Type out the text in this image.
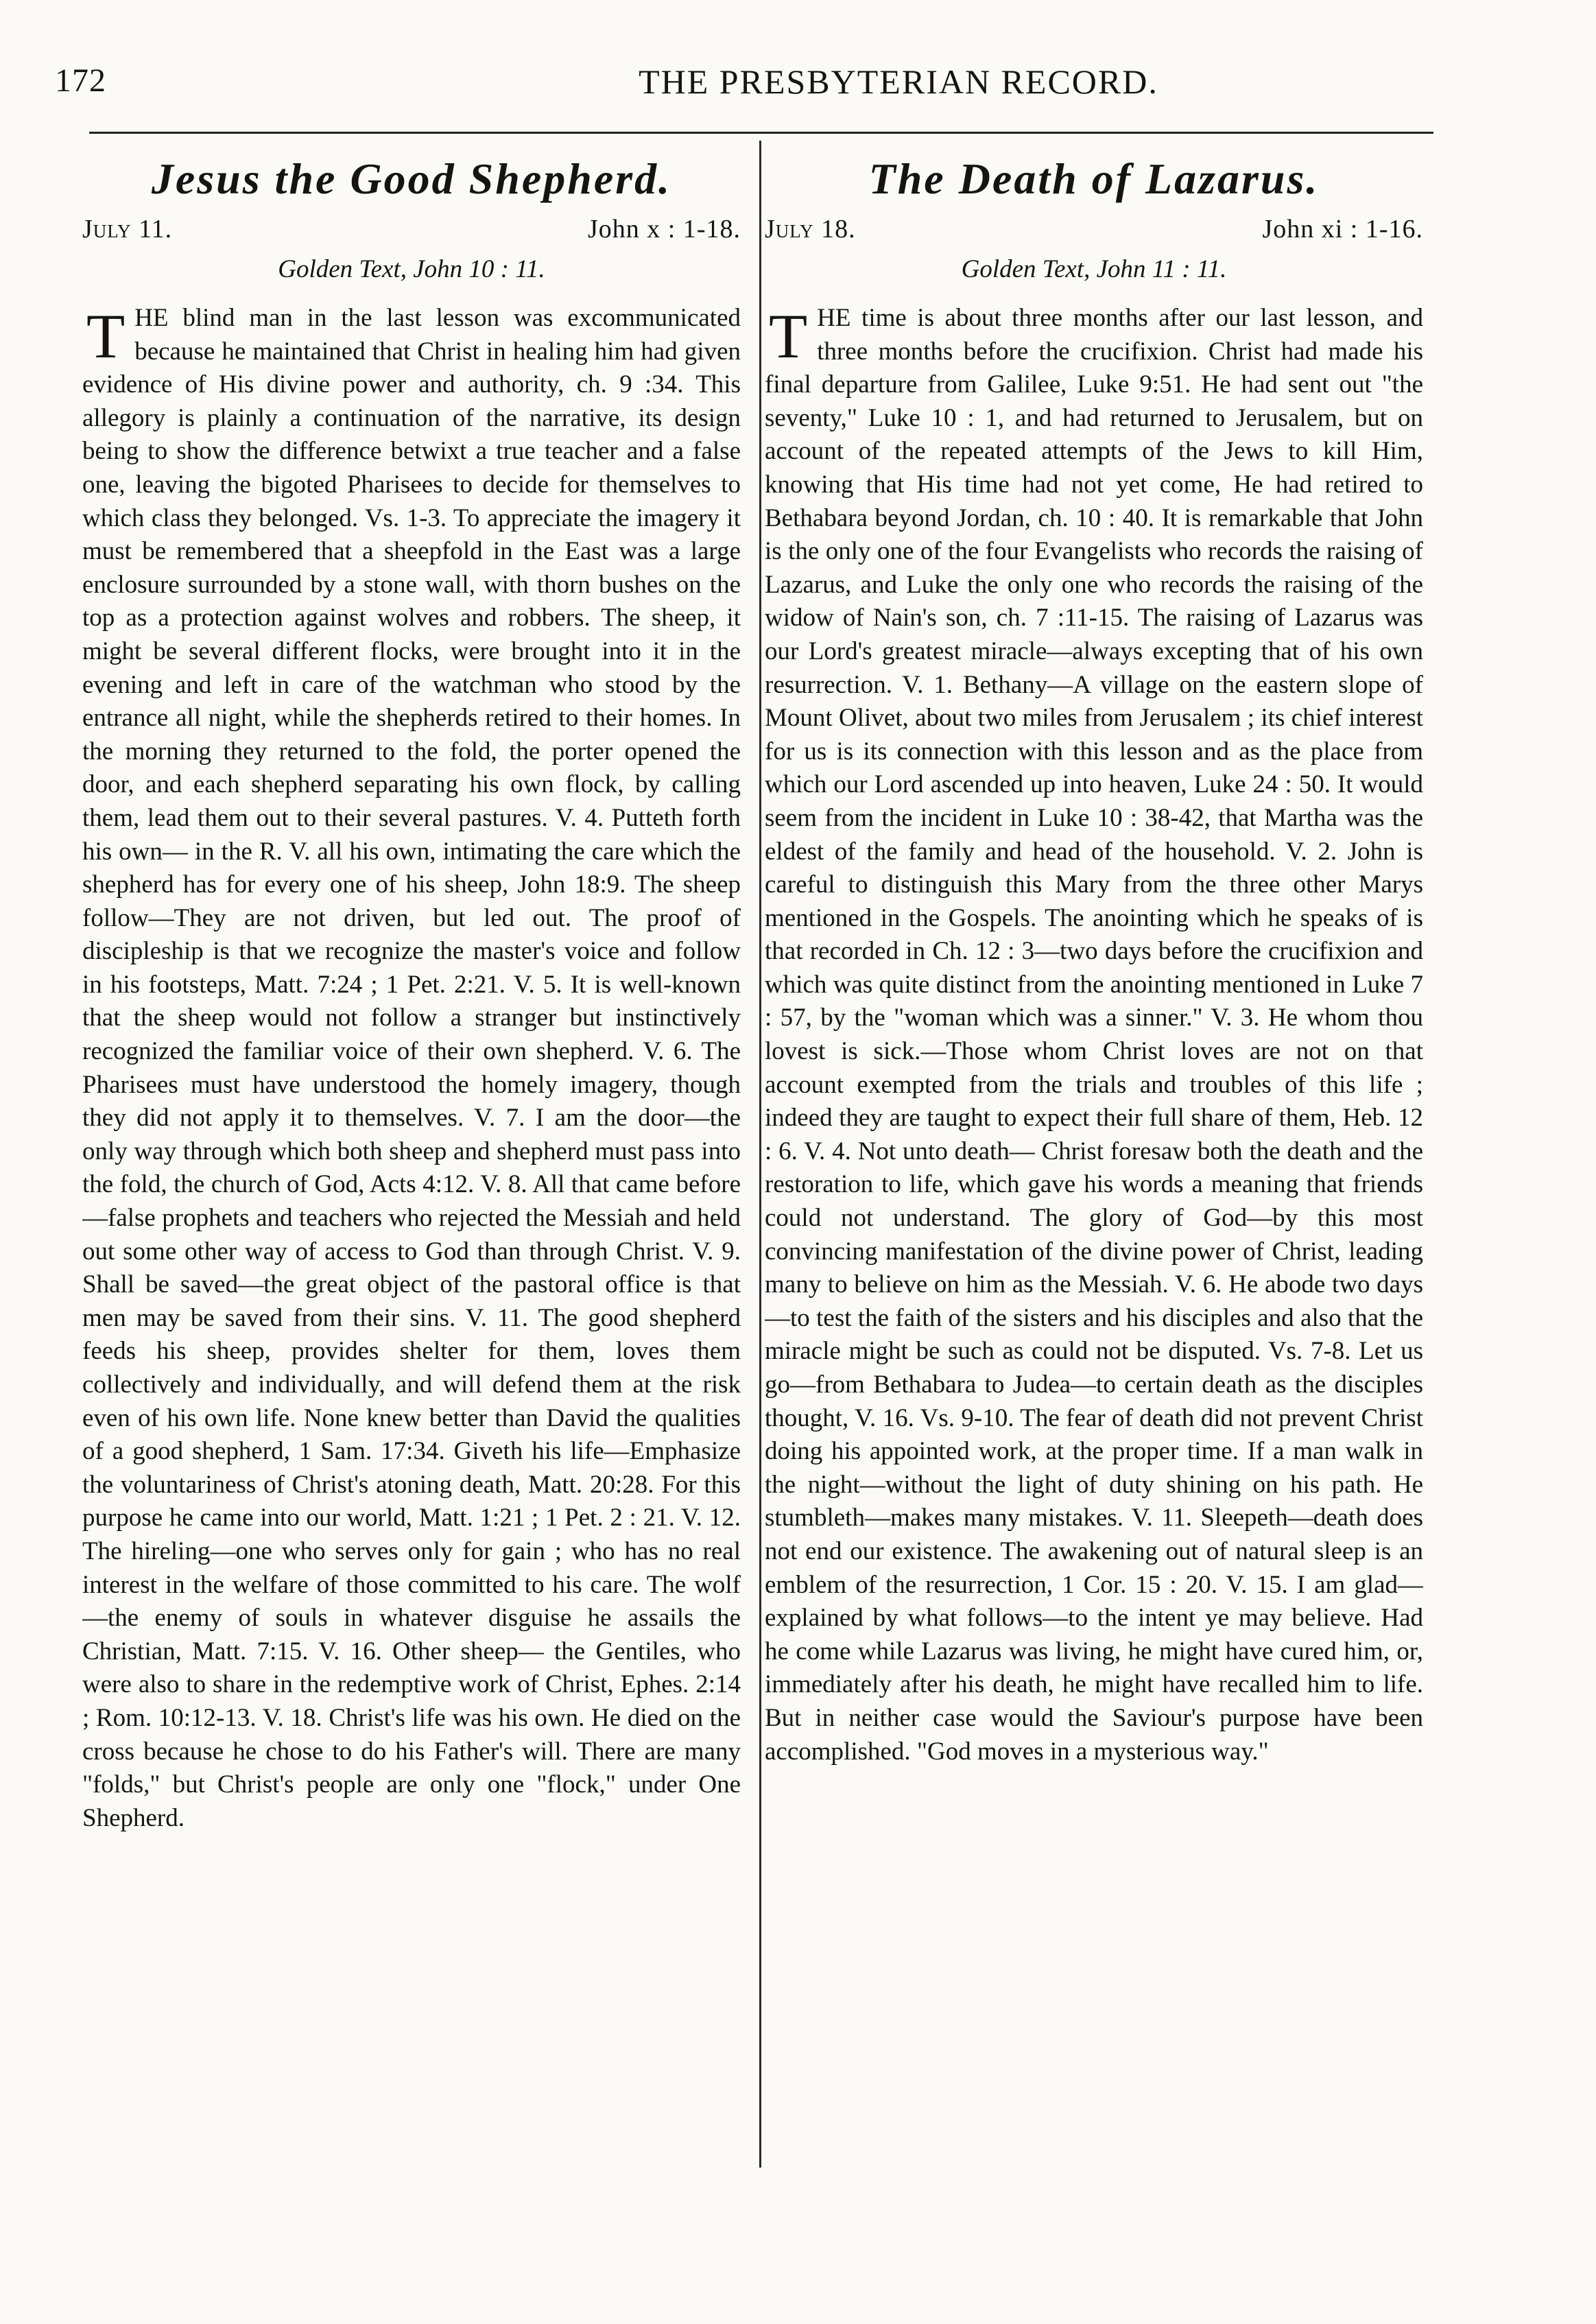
172	THE PRESBYTERIAN RECORD.
Jesus the Good Shepherd.
July 11.	John x : 1-18.
Golden Text, John 10 : 11.

THE blind man in the last lesson was excommunicated because he maintained that Christ in healing him had given evidence of His divine power and authority, ch. 9 :34. This allegory is plainly a continuation of the narrative, its design being to show the difference betwixt a true teacher and a false one, leaving the bigoted Pharisees to decide for themselves to which class they belonged. Vs. 1-3. To appreciate the imagery it must be remembered that a sheepfold in the East was a large enclosure surrounded by a stone wall, with thorn bushes on the top as a protection against wolves and robbers. The sheep, it might be several different flocks, were brought into it in the evening and left in care of the watchman who stood by the entrance all night, while the shepherds retired to their homes. In the morning they returned to the fold, the porter opened the door, and each shepherd separating his own flock, by calling them, lead them out to their several pastures. V. 4. Putteth forth his own— in the R. V. all his own, intimating the care which the shepherd has for every one of his sheep, John 18:9. The sheep follow—They are not driven, but led out. The proof of discipleship is that we recognize the master's voice and follow in his footsteps, Matt. 7:24 ; 1 Pet. 2:21. V. 5. It is well-known that the sheep would not follow a stranger but instinctively recognized the familiar voice of their own shepherd. V. 6. The Pharisees must have understood the homely imagery, though they did not apply it to themselves. V. 7. I am the door—the only way through which both sheep and shepherd must pass into the fold, the church of God, Acts 4:12. V. 8. All that came before—false prophets and teachers who rejected the Messiah and held out some other way of access to God than through Christ. V. 9. Shall be saved—the great object of the pastoral office is that men may be saved from their sins. V. 11. The good shepherd feeds his sheep, provides shelter for them, loves them collectively and individually, and will defend them at the risk even of his own life. None knew better than David the qualities of a good shepherd, 1 Sam. 17:34. Giveth his life—Emphasize the voluntariness of Christ's atoning death, Matt. 20:28. For this purpose he came into our world, Matt. 1:21 ; 1 Pet. 2 : 21. V. 12. The hireling—one who serves only for gain ; who has no real interest in the welfare of those committed to his care. The wolf—the enemy of souls in whatever disguise he assails the Christian, Matt. 7:15. V. 16. Other sheep— the Gentiles, who were also to share in the redemptive work of Christ, Ephes. 2:14 ; Rom. 10:12-13. V. 18. Christ's life was his own. He died on the cross because he chose to do his Father's will. There are many "folds," but Christ's people are only one "flock," under One Shepherd.

The Death of Lazarus.
July 18.	John xi : 1-16.
Golden Text, John 11 : 11.

THE time is about three months after our last lesson, and three months before the crucifixion. Christ had made his final departure from Galilee, Luke 9:51. He had sent out "the seventy," Luke 10 : 1, and had returned to Jerusalem, but on account of the repeated attempts of the Jews to kill Him, knowing that His time had not yet come, He had retired to Bethabara beyond Jordan, ch. 10 : 40. It is remarkable that John is the only one of the four Evangelists who records the raising of Lazarus, and Luke the only one who records the raising of the widow of Nain's son, ch. 7 :11-15. The raising of Lazarus was our Lord's greatest miracle—always excepting that of his own resurrection. V. 1. Bethany—A village on the eastern slope of Mount Olivet, about two miles from Jerusalem ; its chief interest for us is its connection with this lesson and as the place from which our Lord ascended up into heaven, Luke 24 : 50. It would seem from the incident in Luke 10 : 38-42, that Martha was the eldest of the family and head of the household. V. 2. John is careful to distinguish this Mary from the three other Marys mentioned in the Gospels. The anointing which he speaks of is that recorded in Ch. 12 : 3—two days before the crucifixion and which was quite distinct from the anointing mentioned in Luke 7 : 57, by the "woman which was a sinner." V. 3. He whom thou lovest is sick.—Those whom Christ loves are not on that account exempted from the trials and troubles of this life ; indeed they are taught to expect their full share of them, Heb. 12 : 6. V. 4. Not unto death— Christ foresaw both the death and the restoration to life, which gave his words a meaning that friends could not understand. The glory of God—by this most convincing manifestation of the divine power of Christ, leading many to believe on him as the Messiah. V. 6. He abode two days—to test the faith of the sisters and his disciples and also that the miracle might be such as could not be disputed. Vs. 7-8. Let us go—from Bethabara to Judea—to certain death as the disciples thought, V. 16. Vs. 9-10. The fear of death did not prevent Christ doing his appointed work, at the proper time. If a man walk in the night—without the light of duty shining on his path. He stumbleth—makes many mistakes. V. 11. Sleepeth—death does not end our existence. The awakening out of natural sleep is an emblem of the resurrection, 1 Cor. 15 : 20. V. 15. I am glad—explained by what follows—to the intent ye may believe. Had he come while Lazarus was living, he might have cured him, or, immediately after his death, he might have recalled him to life. But in neither case would the Saviour's purpose have been accomplished. "God moves in a mysterious way."
